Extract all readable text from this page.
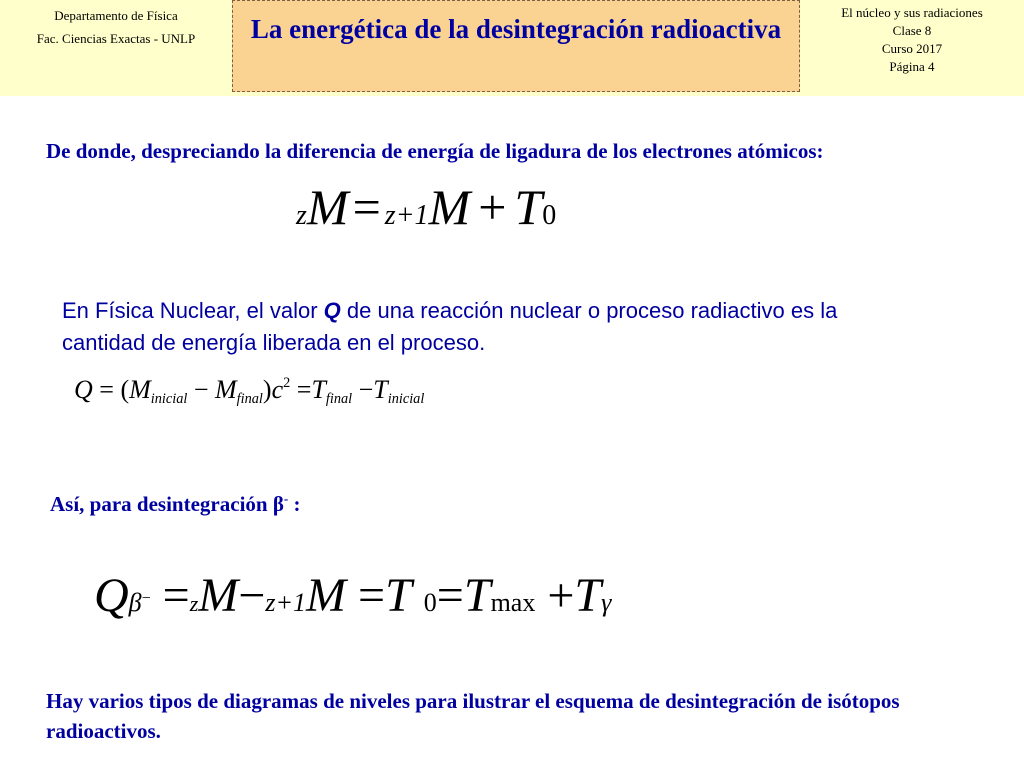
Departamento de Física
Fac. Ciencias Exactas - UNLP	La energética de la desintegración radioactiva
El núcleo y sus radiaciones
Clase 8
Curso 2017
Página 4
De donde, despreciando la diferencia de energía de ligadura de los electrones atómicos:
zM= z+1M + T0
En Física Nuclear, el valor Q de una reacción nuclear o proceso radiactivo es la cantidad de energía liberada en el proceso.
Q = (Minicial − $Mfinal)c^2$ =Tfinal −Tinicial
Así, para desintegración β- :
Qβ− =zM−z+1M =T 0=Tmax +Tγ
Hay varios tipos de diagramas de niveles para ilustrar el esquema de desintegración de isótopos radioactivos.
